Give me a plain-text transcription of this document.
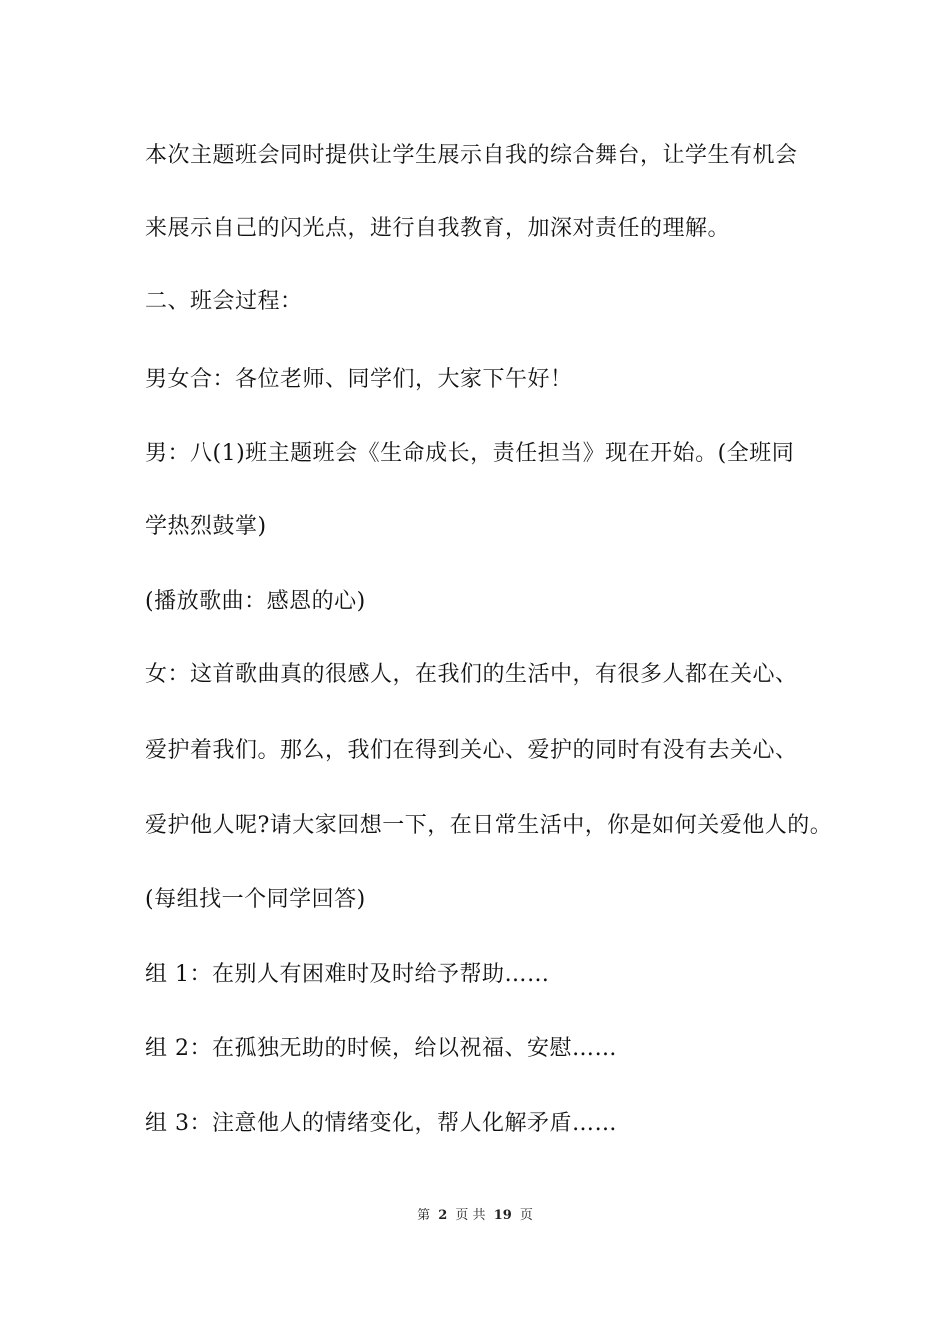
本次主题班会同时提供让学生展示自我的综合舞台，让学生有机会
来展示自己的闪光点，进行自我教育，加深对责任的理解。
二、班会过程：
男女合：各位老师、同学们，大家下午好！
男：八(1)班主题班会《生命成长，责任担当》现在开始。(全班同
学热烈鼓掌)
(播放歌曲：感恩的心)
女：这首歌曲真的很感人，在我们的生活中，有很多人都在关心、
爱护着我们。那么，我们在得到关心、爱护的同时有没有去关心、
爱护他人呢?请大家回想一下，在日常生活中，你是如何关爱他人的。
(每组找一个同学回答)
组 1：在别人有困难时及时给予帮助……
组 2：在孤独无助的时候，给以祝福、安慰……
组 3：注意他人的情绪变化，帮人化解矛盾……
第 2 页 共 19 页
